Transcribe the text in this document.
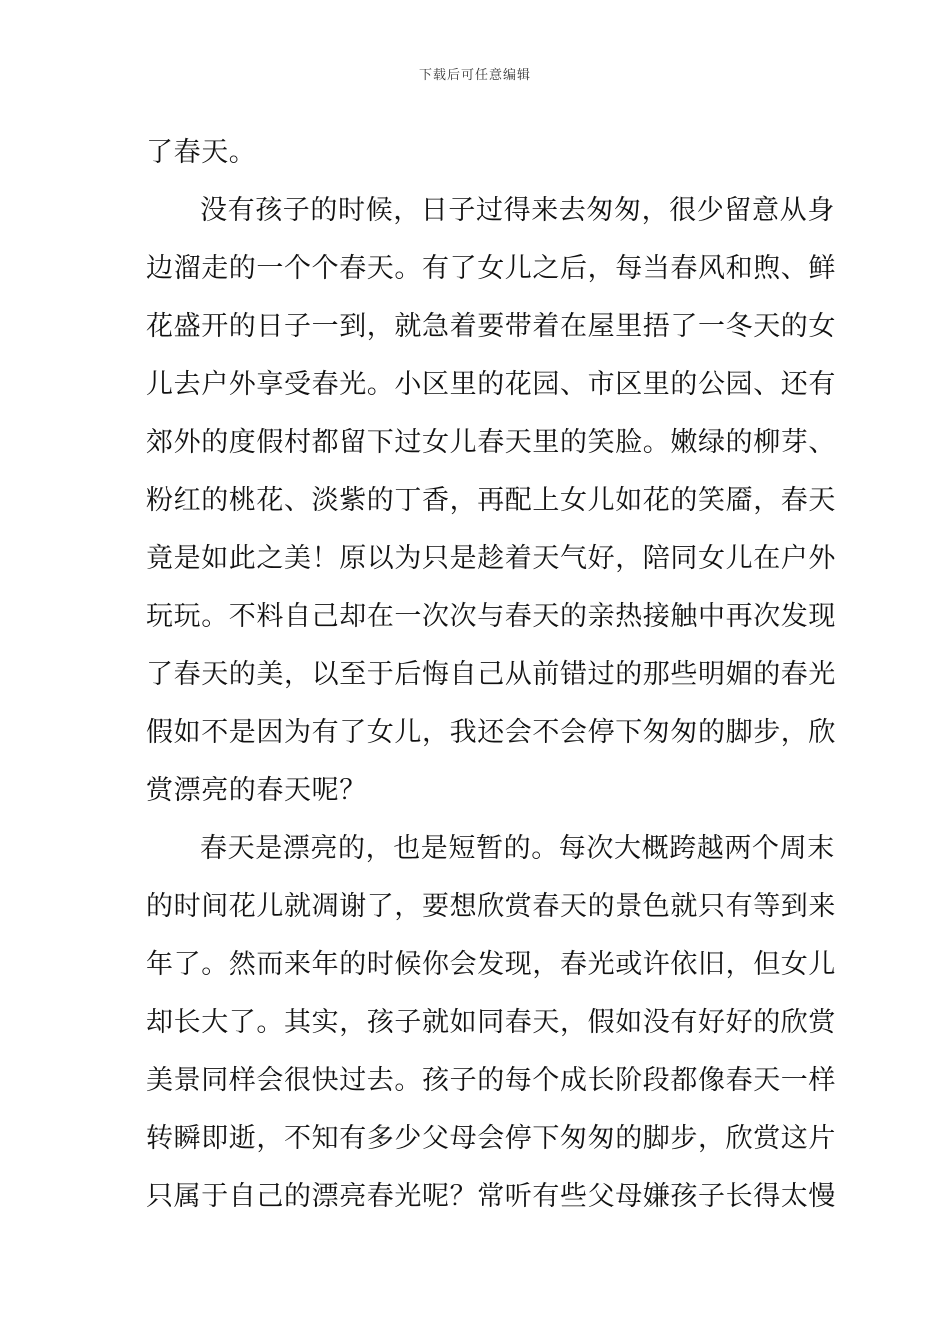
下载后可任意编辑
了春天。
没有孩子的时候，日子过得来去匆匆，很少留意从身
边溜走的一个个春天。有了女儿之后，每当春风和煦、鲜
花盛开的日子一到，就急着要带着在屋里捂了一冬天的女
儿去户外享受春光。小区里的花园、市区里的公园、还有
郊外的度假村都留下过女儿春天里的笑脸。嫩绿的柳芽、
粉红的桃花、淡紫的丁香，再配上女儿如花的笑靥，春天
竟是如此之美！原以为只是趁着天气好，陪同女儿在户外
玩玩。不料自己却在一次次与春天的亲热接触中再次发现
了春天的美，以至于后悔自己从前错过的那些明媚的春光
假如不是因为有了女儿，我还会不会停下匆匆的脚步，欣
赏漂亮的春天呢？
春天是漂亮的，也是短暂的。每次大概跨越两个周末
的时间花儿就凋谢了，要想欣赏春天的景色就只有等到来
年了。然而来年的时候你会发现，春光或许依旧，但女儿
却长大了。其实，孩子就如同春天，假如没有好好的欣赏
美景同样会很快过去。孩子的每个成长阶段都像春天一样
转瞬即逝，不知有多少父母会停下匆匆的脚步，欣赏这片
只属于自己的漂亮春光呢？常听有些父母嫌孩子长得太慢
